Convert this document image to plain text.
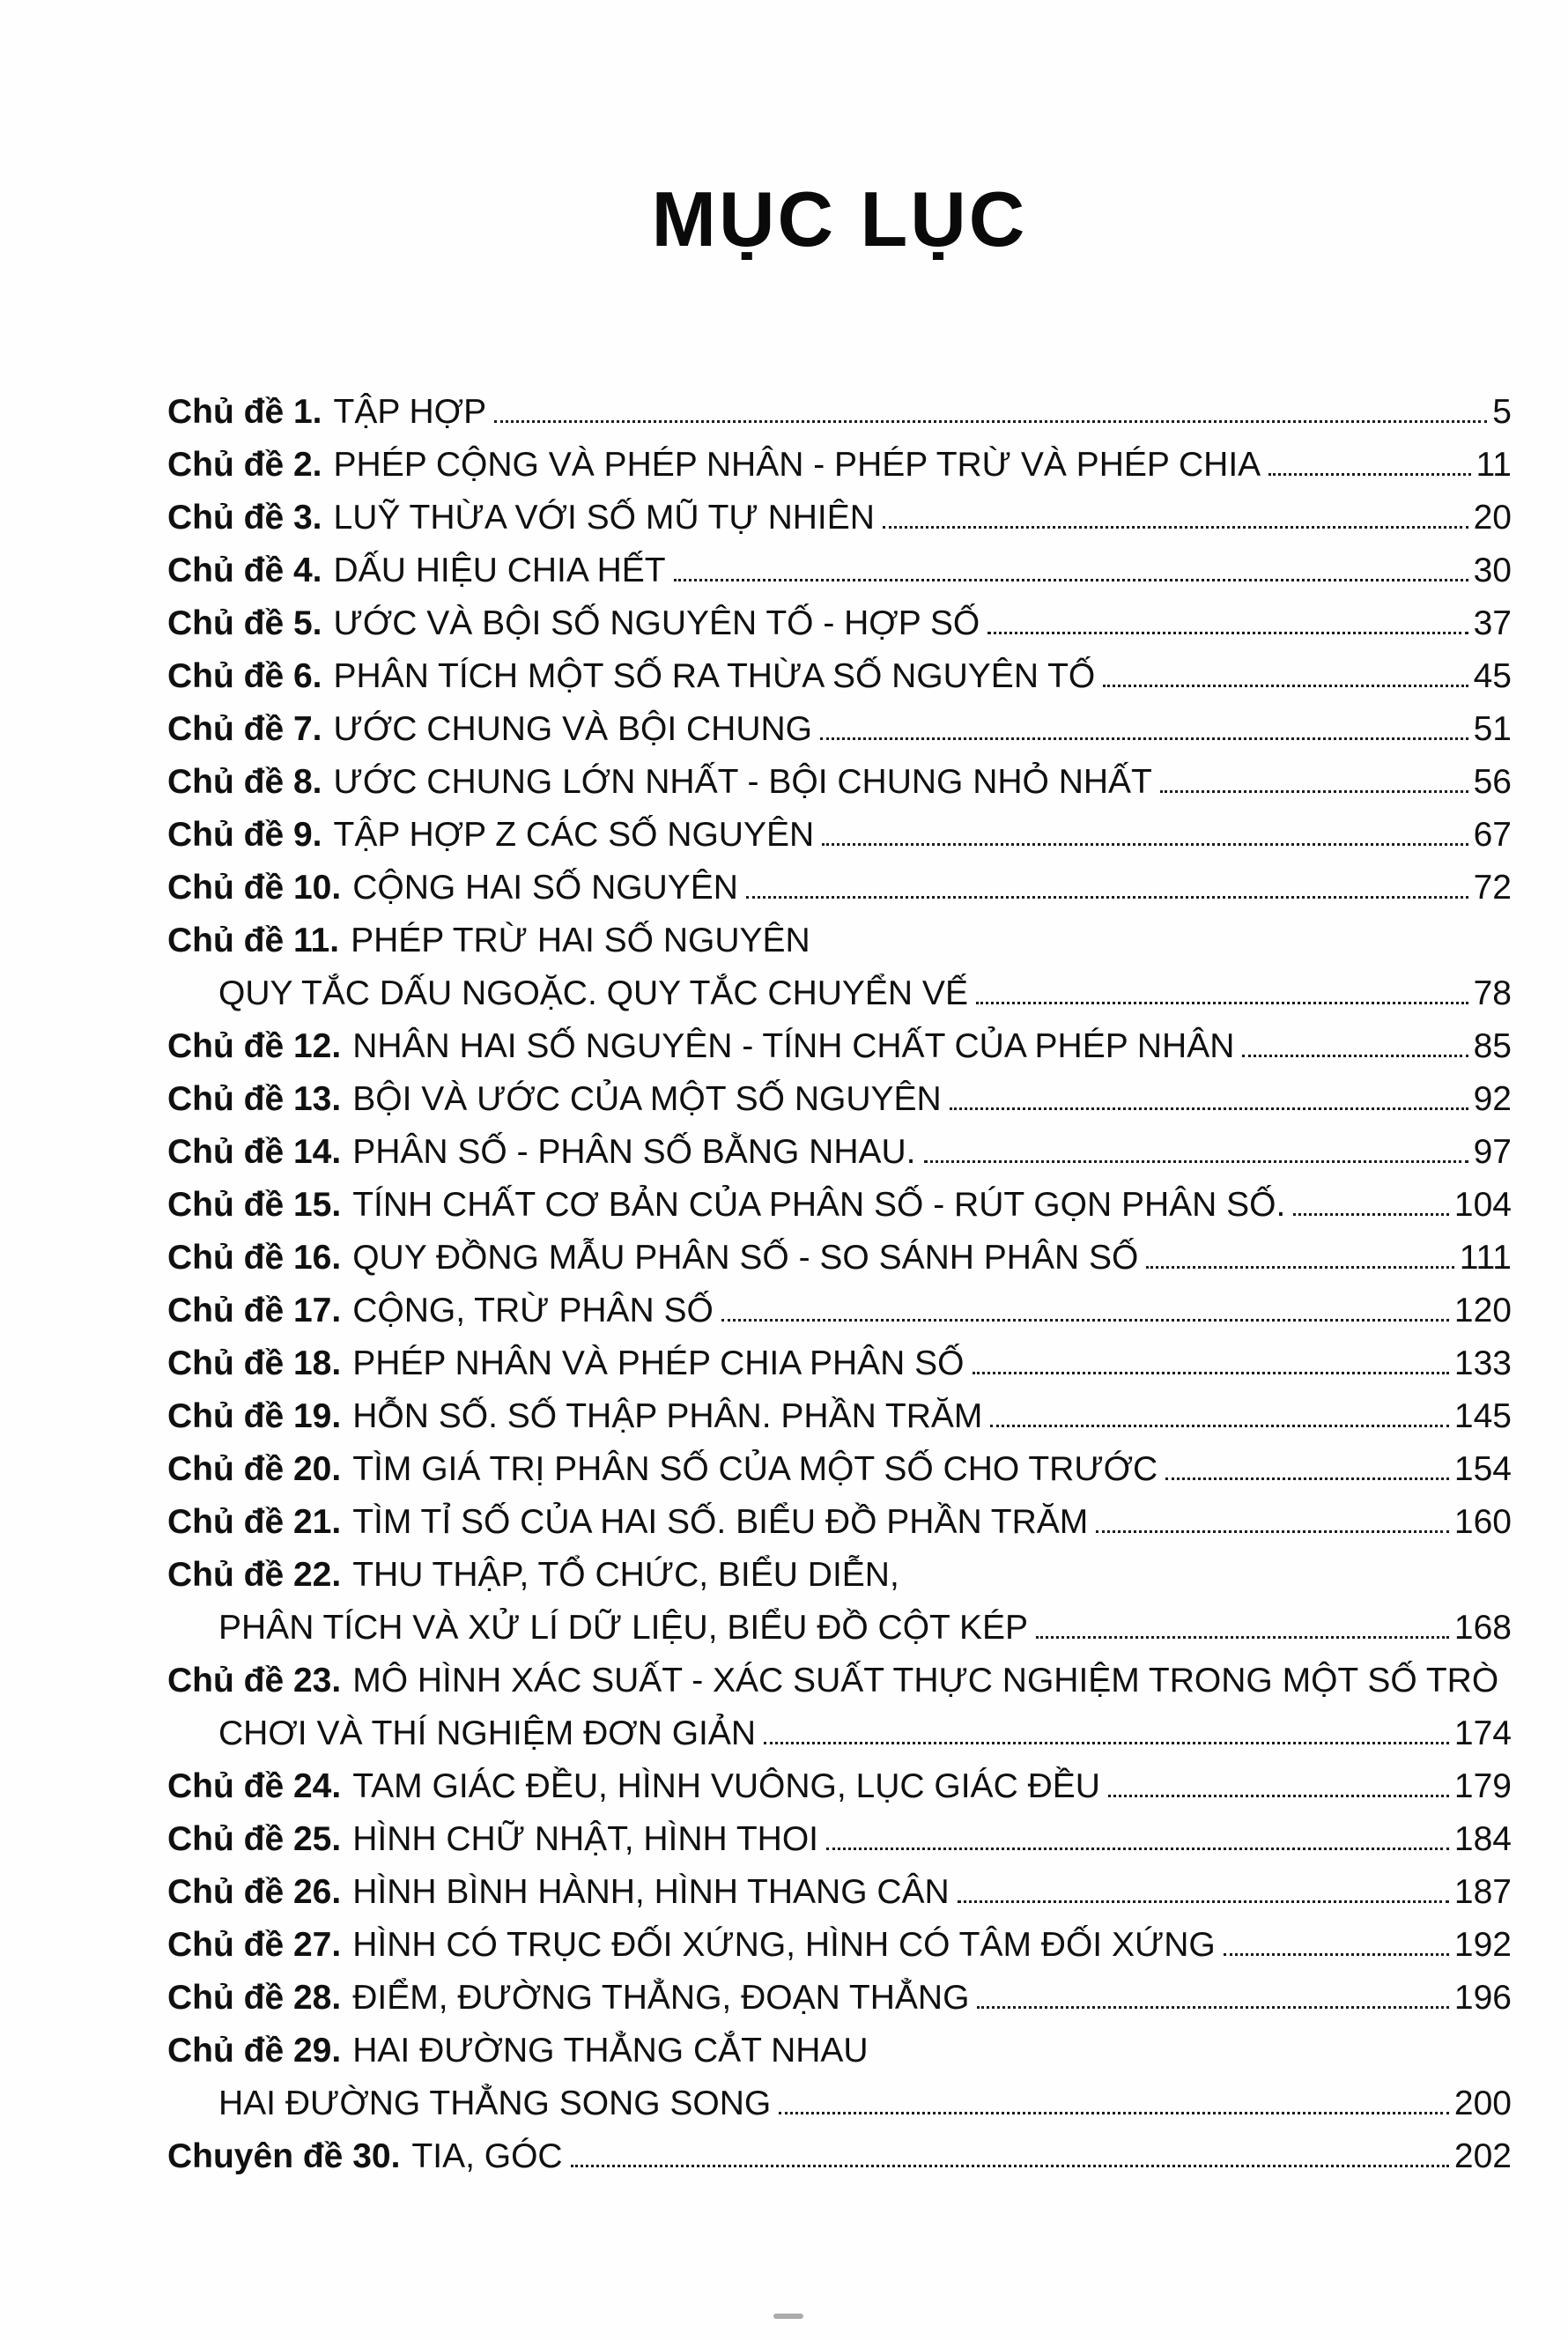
MỤC LỤC
Chủ đề 1. TẬP HỢP	5
Chủ đề 2. PHÉP CỘNG VÀ PHÉP NHÂN - PHÉP TRỪ VÀ PHÉP CHIA	11
Chủ đề 3. LUỸ THỪA VỚI SỐ MŨ TỰ NHIÊN	20
Chủ đề 4. DẤU HIỆU CHIA HẾT	30
Chủ đề 5. ƯỚC VÀ BỘI SỐ NGUYÊN TỐ - HỢP SỐ	37
Chủ đề 6. PHÂN TÍCH MỘT SỐ RA THỪA SỐ NGUYÊN TỐ	45
Chủ đề 7. ƯỚC CHUNG VÀ BỘI CHUNG	51
Chủ đề 8. ƯỚC CHUNG LỚN NHẤT - BỘI CHUNG NHỎ NHẤT	56
Chủ đề 9. TẬP HỢP Z CÁC SỐ NGUYÊN	67
Chủ đề 10. CỘNG HAI SỐ NGUYÊN	72
Chủ đề 11. PHÉP TRỪ HAI SỐ NGUYÊN
QUY TẮC DẤU NGOẶC. QUY TẮC CHUYỂN VẾ	78
Chủ đề 12. NHÂN HAI SỐ NGUYÊN - TÍNH CHẤT CỦA PHÉP NHÂN	85
Chủ đề 13. BỘI VÀ ƯỚC CỦA MỘT SỐ NGUYÊN	92
Chủ đề 14. PHÂN SỐ - PHÂN SỐ BẰNG NHAU.	97
Chủ đề 15. TÍNH CHẤT CƠ BẢN CỦA PHÂN SỐ - RÚT GỌN PHÂN SỐ.	104
Chủ đề 16. QUY ĐỒNG MẪU PHÂN SỐ - SO SÁNH PHÂN SỐ	111
Chủ đề 17. CỘNG, TRỪ PHÂN SỐ	120
Chủ đề 18. PHÉP NHÂN VÀ PHÉP CHIA PHÂN SỐ	133
Chủ đề 19. HỖN SỐ. SỐ THẬP PHÂN. PHẦN TRĂM	145
Chủ đề 20. TÌM GIÁ TRỊ PHÂN SỐ CỦA MỘT SỐ CHO TRƯỚC	154
Chủ đề 21. TÌM TỈ SỐ CỦA HAI SỐ. BIỂU ĐỒ PHẦN TRĂM	160
Chủ đề 22. THU THẬP, TỔ CHỨC, BIỂU DIỄN,
PHÂN TÍCH VÀ XỬ LÍ DỮ LIỆU, BIỂU ĐỒ CỘT KÉP	168
Chủ đề 23. MÔ HÌNH XÁC SUẤT - XÁC SUẤT THỰC NGHIỆM TRONG MỘT SỐ TRÒ
CHƠI VÀ THÍ NGHIỆM ĐƠN GIẢN	174
Chủ đề 24. TAM GIÁC ĐỀU, HÌNH VUÔNG, LỤC GIÁC ĐỀU	179
Chủ đề 25. HÌNH CHỮ NHẬT, HÌNH THOI	184
Chủ đề 26. HÌNH BÌNH HÀNH, HÌNH THANG CÂN	187
Chủ đề 27. HÌNH CÓ TRỤC ĐỐI XỨNG, HÌNH CÓ TÂM ĐỐI XỨNG	192
Chủ đề 28. ĐIỂM, ĐƯỜNG THẲNG, ĐOẠN THẲNG	196
Chủ đề 29. HAI ĐƯỜNG THẲNG CẮT NHAU
HAI ĐƯỜNG THẲNG SONG SONG	200
Chuyên đề 30. TIA, GÓC	202
